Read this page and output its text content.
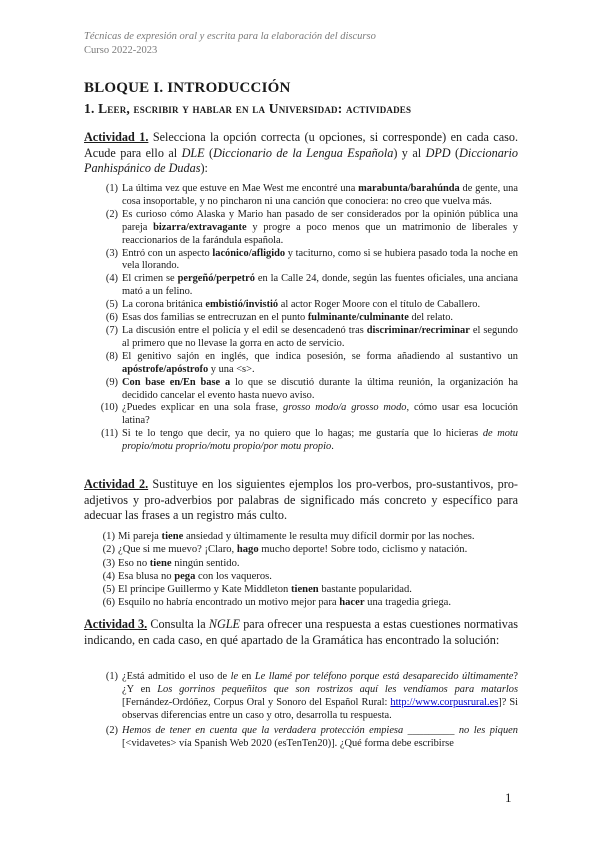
Técnicas de expresión oral y escrita para la elaboración del discurso
Curso 2022-2023
BLOQUE I. INTRODUCCIÓN
1. Leer, escribir y hablar en la Universidad: actividades
Actividad 1. Selecciona la opción correcta (u opciones, si corresponde) en cada caso. Acude para ello al DLE (Diccionario de la Lengua Española) y al DPD (Diccionario Panhispánico de Dudas):
(1) La última vez que estuve en Mae West me encontré una marabunta/barahúnda de gente, una cosa insoportable, y no pincharon ni una canción que conociera: no creo que vuelva más.
(2) Es curioso cómo Alaska y Mario han pasado de ser considerados por la opinión pública una pareja bizarra/extravagante y progre a poco menos que un matrimonio de liberales y reaccionarios de la farándula española.
(3) Entró con un aspecto lacónico/afligido y taciturno, como si se hubiera pasado toda la noche en vela llorando.
(4) El crimen se pergeñó/perpetró en la Calle 24, donde, según las fuentes oficiales, una anciana mató a un felino.
(5) La corona británica embistió/invistió al actor Roger Moore con el título de Caballero.
(6) Esas dos familias se entrecruzan en el punto fulminante/culminante del relato.
(7) La discusión entre el policía y el edil se desencadenó tras discriminar/recriminar el segundo al primero que no llevase la gorra en acto de servicio.
(8) El genitivo sajón en inglés, que indica posesión, se forma añadiendo al sustantivo un apóstrofe/apóstrofo y una <s>.
(9) Con base en/En base a lo que se discutió durante la última reunión, la organización ha decidido cancelar el evento hasta nuevo aviso.
(10) ¿Puedes explicar en una sola frase, grosso modo/a grosso modo, cómo usar esa locución latina?
(11) Si te lo tengo que decir, ya no quiero que lo hagas; me gustaría que lo hicieras de motu propio/motu proprio/motu propio/por motu propio.
Actividad 2. Sustituye en los siguientes ejemplos los pro-verbos, pro-sustantivos, pro-adjetivos y pro-adverbios por palabras de significado más concreto y específico para adecuar las frases a un registro más culto.
(1) Mi pareja tiene ansiedad y últimamente le resulta muy difícil dormir por las noches.
(2) ¿Que si me muevo? ¡Claro, hago mucho deporte! Sobre todo, ciclismo y natación.
(3) Eso no tiene ningún sentido.
(4) Esa blusa no pega con los vaqueros.
(5) El príncipe Guillermo y Kate Middleton tienen bastante popularidad.
(6) Esquilo no habría encontrado un motivo mejor para hacer una tragedia griega.
Actividad 3. Consulta la NGLE para ofrecer una respuesta a estas cuestiones normativas indicando, en cada caso, en qué apartado de la Gramática has encontrado la solución:
(1) ¿Está admitido el uso de le en Le llamé por teléfono porque está desaparecido últimamente? ¿Y en Los gorrinos pequeñitos que son rostrizos aquí les vendíamos para matarlos [Fernández-Ordóñez, Corpus Oral y Sonoro del Español Rural: http://www.corpusrural.es]? Si observas diferencias entre un caso y otro, desarrolla tu respuesta.
(2) Hemos de tener en cuenta que la verdadera protección empiesa _________ no les piquen [<vidavetes> vía Spanish Web 2020 (esTenTen20)]. ¿Qué forma debe escribirse
1
